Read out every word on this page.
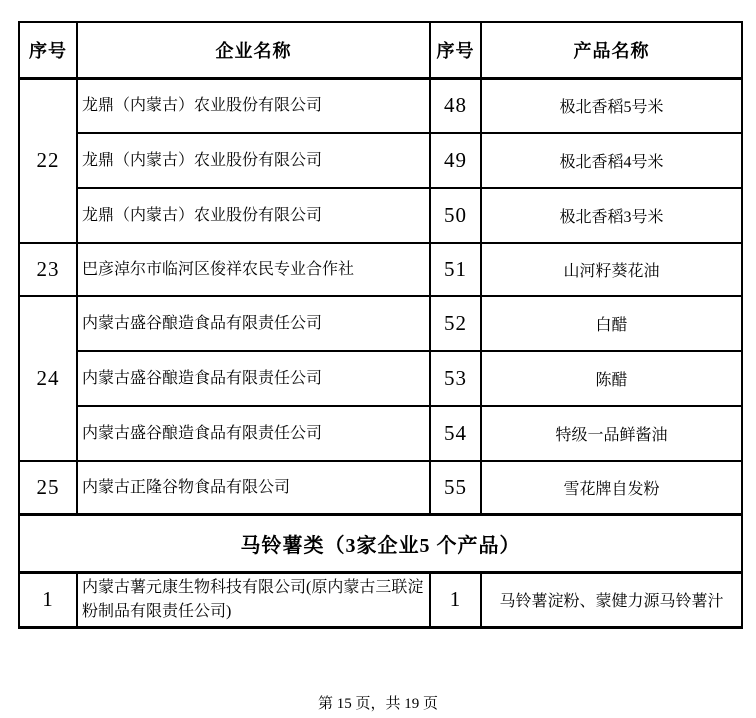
序号	企业名称	序号	产品名称
22	龙鼎（内蒙古）农业股份有限公司	48	极北香稻5号米
	龙鼎（内蒙古）农业股份有限公司	49	极北香稻4号米
	龙鼎（内蒙古）农业股份有限公司	50	极北香稻3号米
23	巴彦淖尔市临河区俊祥农民专业合作社	51	山河籽葵花油
24	内蒙古盛谷酿造食品有限责任公司	52	白醋
	内蒙古盛谷酿造食品有限责任公司	53	陈醋
	内蒙古盛谷酿造食品有限责任公司	54	特级一品鲜酱油
25	内蒙古正隆谷物食品有限公司	55	雪花牌自发粉
马铃薯类（3家企业5 个产品）			
1	内蒙古薯元康生物科技有限公司(原内蒙古三联淀粉制品有限责任公司)	1	马铃薯淀粉、蒙健力源马铃薯汁
第 15 页，共 19 页
